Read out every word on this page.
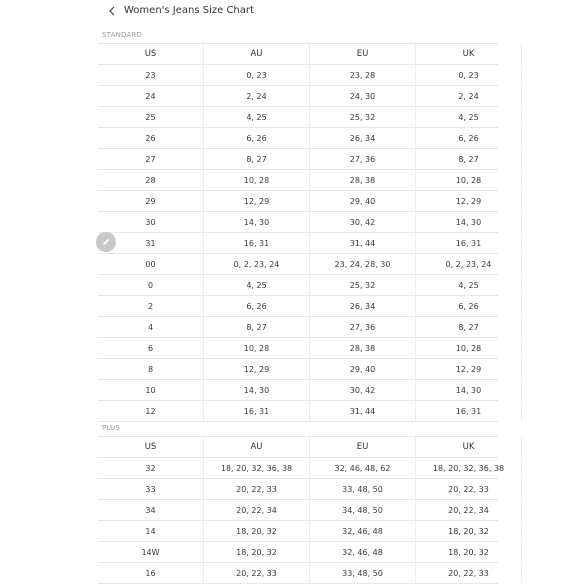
Women's Jeans Size Chart
STANDARD
US	AU	EU	UK
23	0, 23	23, 28	0, 23
24	2, 24	24, 30	2, 24
25	4, 25	25, 32	4, 25
26	6, 26	26, 34	6, 26
27	8, 27	27, 36	8, 27
28	10, 28	28, 38	10, 28
29	12, 29	29, 40	12, 29
30	14, 30	30, 42	14, 30
31	16, 31	31, 44	16, 31
00	0, 2, 23, 24	23, 24, 28, 30	0, 2, 23, 24
0	4, 25	25, 32	4, 25
2	6, 26	26, 34	6, 26
4	8, 27	27, 36	8, 27
6	10, 28	28, 38	10, 28
8	12, 29	29, 40	12, 29
10	14, 30	30, 42	14, 30
12	16, 31	31, 44	16, 31
PLUS
US	AU	EU	UK
32	18, 20, 32, 36, 38	32, 46, 48, 62	18, 20, 32, 36, 38
33	20, 22, 33	33, 48, 50	20, 22, 33
34	20, 22, 34	34, 48, 50	20, 22, 34
14	18, 20, 32	32, 46, 48	18, 20, 32
14W	18, 20, 32	32, 46, 48	18, 20, 32
16	20, 22, 33	33, 48, 50	20, 22, 33
